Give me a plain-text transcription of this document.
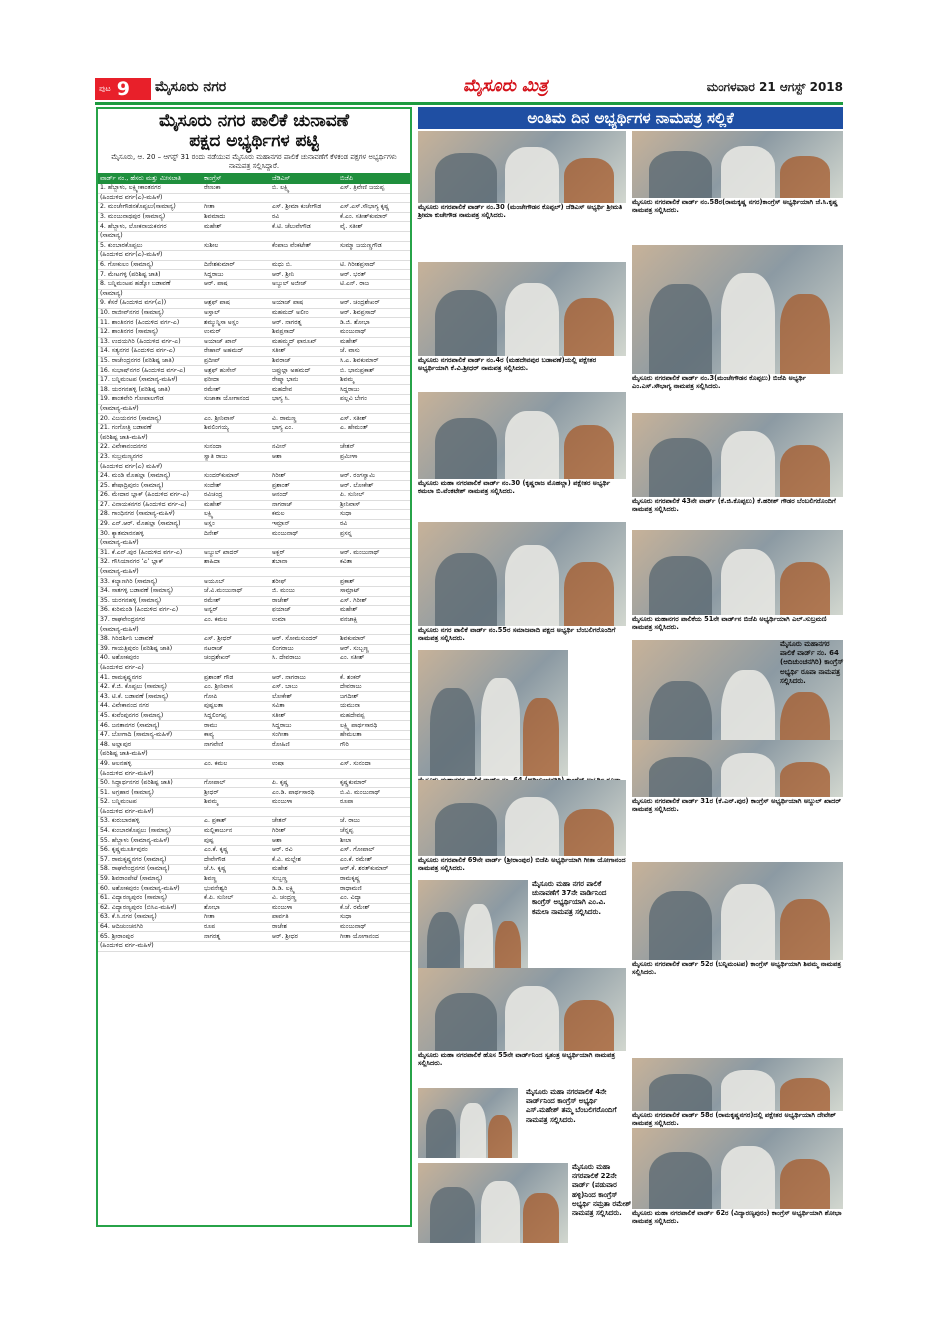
ಪುಟ 9 ಮೈಸೂರು ನಗರ	ಮೈಸೂರು ಮಿತ್ರ	ಮಂಗಳವಾರ 21 ಆಗಸ್ಟ್ 2018
ಮೈಸೂರು ನಗರ ಪಾಲಿಕೆ ಚುನಾವಣೆ
ಪಕ್ಷದ ಅಭ್ಯರ್ಥಿಗಳ ಪಟ್ಟಿ
ಮೈಸೂರು, ಆ. 20 – ಆಗಸ್ಟ್ 31 ರಂದು ನಡೆಯುವ ಮೈಸೂರು ಮಹಾನಗರ ಪಾಲಿಕೆ ಚುನಾವಣೆಗೆ ಕೆಳಕಂಡ ಪಕ್ಷಗಳ ಅಭ್ಯರ್ಥಿಗಳು ನಾಮಪತ್ರ ಸಲ್ಲಿಸಿದ್ದಾರೆ.
ವಾರ್ಡ್ ನಂ., ಹೆಸರು ಮತ್ತು ಮೀಸಲಾತಿ	ಕಾಂಗ್ರೆಸ್	ಜೆಡಿಎಸ್	ಬಿಜೆಪಿ
1. ಹೆಬ್ಬಾಳು, ಲಕ್ಷ್ಮೀಕಾಂತನಗರ	ರೇಣುಕಾ	ಬಿ. ಲಕ್ಷ್ಮಿ	ಎಸ್. ತ್ರಿವೇಣಿ ಜಯಪ್ಪ
(ಹಿಂದುಳಿದ ವರ್ಗ(ಎ)-ಮಹಿಳೆ)			
2. ಮಂಚೇಗೌಡನಕೊಪ್ಪಲು(ಸಾಮಾನ್ಯ)	ಗೀತಾ	ಎಸ್. ಶ್ರೀಮಾ ಕುಚೇಗೌಡ	ಎಸ್.ಎಸ್.ಸೌಭಾಗ್ಯ ಕೃಷ್ಣ
3. ಮಂಜುನಾಥಪುರ (ಸಾಮಾನ್ಯ)	ಶಿವಮಾದು	ರವಿ	ಕೆ.ಎಂ. ಸತೀಶ್‌ಕುಮಾರ್
4. ಹೆಬ್ಬಾಳು, ಲೋಕನಾಯಕನಗರ	ಮಹೇಶ್	ಕೆ.ಟಿ. ಚೆಲುವೇಗೌಡ	ವೈ. ಸತೀಶ್
(ಸಾಮಾನ್ಯ)			
5. ಕುಂಬಾರಕೊಪ್ಪಲು	ಸುಶೀಲ	ಕೆಂಪಾಜ ವೆಂಕಟೇಶ್	ಸುಮ್ಮಾ ಜಯಣ್ಣಗೌಡ
(ಹಿಂದುಳಿದ ವರ್ಗ(ಎ)-ಮಹಿಳೆ)			
6. ಗೋಕುಲಂ (ಸಾಮಾನ್ಯ)	ದಿನೇಶಕುಮಾರ್	ಮಧು ಬಿ.	ಟಿ. ಗಿರೀಶಪ್ರಸಾದ್
7. ಮೇಟಗಳ್ಳಿ (ಪರಿಶಿಷ್ಟ ಜಾತಿ)	ಸಿದ್ದರಾಜು	ಆರ್. ಶ್ರೀನಿ	ಆರ್. ಭರತ್
8. ಬನ್ನಿಮಂಟಪ ಹಡ್ಕೋ ಬಡಾವಣೆ	ಆರ್. ಪಾಷ	ಅಬ್ದುಲ್ ಅಜೀಜ್	ಟಿ.ಎನ್. ರಾಜ
(ಸಾಮಾನ್ಯ)			
9. ಕೆಸರೆ (ಹಿಂದುಳಿದ ವರ್ಗ(ಎ))	ಆಶ್ರಫ್ ಪಾಷ	ಅಯಾಜ್ ಪಾಷ	ಆರ್. ಚಂದ್ರಶೇಖರ್
10. ರಾಜೀವ್‌ನಗರ (ಸಾಮಾನ್ಯ)	ಅಸ್ತಾಲ್	ಮಹಮದ್ ಅಲೀಂ	ಆರ್. ಶಿವಪ್ರಸಾದ್
11. ಶಾಂತಿನಗರ (ಹಿಂದುಳಿದ ವರ್ಗ-ಎ)	ಶಮ್ಮುನ್ನಿಸಾ ಅಸ್ಲಂ	ಆರ್. ನಾಗರತ್ನ	ಡಿ.ಜಿ. ಶೋಭಾ
12. ಶಾಂತಿನಗರ (ಸಾಮಾನ್ಯ)	ಉಮರ್	ಶಿವಪ್ರಸಾದ್	ಮಂಜುನಾಥ್
13. ಉದಯಗಿರಿ (ಹಿಂದುಳಿದ ವರ್ಗ-ಎ)	ಅಯಾಜ್ ಖಾನ್	ಮಹಮ್ಮದ್ ಫಾರೂಖ್	ಮಹೇಶ್
14. ಸತ್ಯನಗರ (ಹಿಂದುಳಿದ ವರ್ಗ-ಎ)	ರೇಹಾನ್ ಅಹಮದ್	ಸತೀಶ್	ಜೆ. ವಾಸು
15. ರಾಜೇಂದ್ರನಗರ (ಪರಿಶಿಷ್ಟ ಜಾತಿ)	ಪ್ರದೀಪ್	ಶಿವರಾಜ್	ಸಿ.ಎ. ಶಿವಕುಮಾರ್
16. ಸುಭಾಷ್‌ನಗರ (ಹಿಂದುಳಿದ ವರ್ಗ-ಎ)	ಅಶ್ರಫ್ ಹುಸೇನ್	ಜಫ್ರುಲ್ಲಾ ಅಹಮದ್	ಬಿ. ಭಾನುಪ್ರಕಾಶ್
17. ಬನ್ನಿಮಂಟಪ (ಸಾಮಾನ್ಯ-ಮಹಿಳೆ)	ಫರೀದಾ	ರೇಷ್ಮಾ ಭಾನು	ಶಿವಮ್ಮ
18. ಯರಗನಹಳ್ಳಿ (ಪರಿಶಿಷ್ಟ ಜಾತಿ)	ರಮೇಶ್	ಮಹದೇವ	ಸಿದ್ದರಾಜು
19. ಶಾಂತವೇರಿ ಗೋಪಾಲಗೌಡ	ಸುಜಾತಾ ಯೋಗಾನಂದ	ಭಾಗ್ಯ ಸಿ.	ಪಲ್ಲವಿ ಬೇಗಂ
(ಸಾಮಾನ್ಯ-ಮಹಿಳೆ)			
20. ವಿಜಯನಗರ (ಸಾಮಾನ್ಯ)	ಎಂ. ಶ್ರೀನಿವಾಸ್	ವಿ. ರಾಮಣ್ಣ	ಎಸ್. ಸತೀಶ್
21. ಗಂಗೋತ್ರಿ ಬಡಾವಣೆ	ಶಿವಲಿಂಗಯ್ಯ	ಭಾಗ್ಯ ಎಂ.	ಎ. ಹೇಮಂತ್
(ಪರಿಶಿಷ್ಟ ಜಾತಿ-ಮಹಿಳೆ)			
22. ವಿವೇಕಾನಂದನಗರ	ಸುನಂದಾ	ನವೀನ್	ಚೇತನ್
23. ಸುಬ್ರಮಣ್ಯನಗರ	ಸ್ವಾತಿ ರಾಜು	ಆಶಾ	ಪ್ರಮೀಳಾ
(ಹಿಂದುಳಿದ ವರ್ಗ(ಎ) ಮಹಿಳೆ)			
24. ಮಂಡಿ ಮೊಹಲ್ಲಾ (ಸಾಮಾನ್ಯ)	ಸುಂದರ್‌ಕುಮಾರ್	ಗಿರೀಶ್	ಆರ್. ರಂಗಸ್ವಾಮಿ
25. ಶೇಷಾದ್ರಿಪುರಂ (ಸಾಮಾನ್ಯ)	ಸಂದೇಶ್	ಪ್ರಶಾಂತ್	ಆರ್. ಲೋಕೇಶ್
26. ಮೇದಾರ ಬ್ಲಾಕ್ (ಹಿಂದುಳಿದ ವರ್ಗ-ಎ)	ರವಿಚಂದ್ರ	ಆನಂದ್	ಪಿ. ಸುನೀಲ್
27. ವಿನಾಯಕನಗರ (ಹಿಂದುಳಿದ ವರ್ಗ-ಎ)	ಮಹೇಶ್	ನಾಗರಾಜ್	ಶ್ರೀನಿವಾಸ್
28. ಗಾಂಧಿನಗರ (ಸಾಮಾನ್ಯ-ಮಹಿಳೆ)	ಲಕ್ಷ್ಮಿ	ಕಮಲ	ಸುಧಾ
29. ಎನ್.ಆರ್. ಮೊಹಲ್ಲಾ (ಸಾಮಾನ್ಯ)	ಅಸ್ಲಂ	ಇಮ್ರಾನ್	ರವಿ
30. ಕ್ಯಾತಮಾರನಹಳ್ಳಿ	ದಿನೇಶ್	ಮಂಜುನಾಥ್	ಪ್ರಸನ್ನ
(ಸಾಮಾನ್ಯ-ಮಹಿಳೆ)			
31. ಕೆ.ಎನ್.ಪುರ (ಹಿಂದುಳಿದ ವರ್ಗ-ಎ)	ಅಬ್ದುಲ್ ಖಾದರ್	ಅಕ್ಬರ್	ಆರ್. ಮಂಜುನಾಥ್
32. ಗೌಸಿಯಾನಗರ ‘ಎ’ ಬ್ಲಾಕ್	ಶಾಹಿದಾ	ಶಬಾನಾ	ಕವಿತಾ
(ಸಾಮಾನ್ಯ-ಮಹಿಳೆ)			
33. ಕಲ್ಯಾಣಗಿರಿ (ಸಾಮಾನ್ಯ)	ಅಯೂಬ್	ಶರೀಫ್	ಪ್ರಕಾಶ್
34. ಸಾತಗಳ್ಳಿ ಬಡಾವಣೆ (ಸಾಮಾನ್ಯ)	ಜೆ.ವಿ.ಮಂಜುನಾಥ್	ಜಿ. ಮಂಜು	ಸಾಮ್ರಾಟ್
35. ಯರಗನಹಳ್ಳಿ (ಸಾಮಾನ್ಯ)	ರಮೇಶ್	ರಾಜೇಶ್	ಎಸ್. ಗಿರೀಶ್
36. ಕುರಿಮಂಡಿ (ಹಿಂದುಳಿದ ವರ್ಗ-ಎ)	ಅನ್ವರ್	ಫಯಾಜ್	ಮಹೇಶ್
37. ರಾಘವೇಂದ್ರನಗರ	ಎಂ. ಕಮಲ	ಉಮಾ	ವನಜಾಕ್ಷಿ
(ಸಾಮಾನ್ಯ-ಮಹಿಳೆ)			
38. ಗಿರಿದರ್ಶಿನಿ ಬಡಾವಣೆ	ಎಸ್. ಶ್ರೀಧರ್	ಆರ್. ಸೋಮಸುಂದರ್	ಶಿವಕುಮಾರ್
39. ಗಾಯತ್ರಿಪುರಂ (ಪರಿಶಿಷ್ಟ ಜಾತಿ)	ನಟರಾಜ್	ಲಿಂಗರಾಜು	ಆರ್. ಸುಬ್ಬಣ್ಣ
40. ಅಶೋಕಪುರಂ	ಚಂದ್ರಶೇಖರ್	ಸಿ. ದೇವರಾಜು	ಎಂ. ಸತೀಶ್
(ಹಿಂದುಳಿದ ವರ್ಗ-ಎ)			
41. ರಾಮಕೃಷ್ಣನಗರ	ಪ್ರಶಾಂತ್ ಗೌಡ	ಆರ್. ನಾಗರಾಜು	ಕೆ. ಶಂಕರ್
42. ಕೆ.ಜಿ. ಕೊಪ್ಪಲು (ಸಾಮಾನ್ಯ)	ಎಂ. ಶ್ರೀನಿವಾಸ	ಎಸ್. ಬಾಬು	ದೇವರಾಜು
43. ಟಿ.ಕೆ. ಬಡಾವಣೆ (ಸಾಮಾನ್ಯ)	ಗೋಪಿ	ಲೋಕೇಶ್	ಜಗದೀಶ್
44. ವಿವೇಕಾನಂದ ನಗರ	ಪುಷ್ಪಲತಾ	ಸವಿತಾ	ಯಮುನಾ
45. ಕುವೆಂಪುನಗರ (ಸಾಮಾನ್ಯ)	ಸಿದ್ದಲಿಂಗಪ್ಪ	ಸತೀಶ್	ಮಹದೇವಪ್ಪ
46. ಜನತಾನಗರ (ಸಾಮಾನ್ಯ)	ರಾಮು	ಸಿದ್ದರಾಜು	ಲಕ್ಷ್ಮಿ ಪಾರ್ಥಸಾರಥಿ
47. ಬೋಗಾದಿ (ಸಾಮಾನ್ಯ-ಮಹಿಳೆ)	ಕಾವ್ಯ	ಸಂಗೀತಾ	ಹೇಮಲತಾ
48. ಅಲ್ಲಾಪುರ	ನಾಗವೇಣಿ	ರೋಹಿಣಿ	ಗೌರಿ
(ಪರಿಶಿಷ್ಟ ಜಾತಿ-ಮಹಿಳೆ)			
49. ಆಲನಹಳ್ಳಿ	ಎಂ. ಕಮಲ	ಉಷಾ	ಎಸ್. ಸುನಂದಾ
(ಹಿಂದುಳಿದ ವರ್ಗ-ಮಹಿಳೆ)			
50. ಸಿದ್ದಾರ್ಥನಗರ (ಪರಿಶಿಷ್ಟ ಜಾತಿ)	ಗೋಪಾಲ್	ಪಿ. ಕೃಷ್ಣ	ಕೃಷ್ಣಕುಮಾರ್
51. ಅಗ್ರಹಾರ (ಸಾಮಾನ್ಯ)	ಶ್ರೀಧರ್	ಎಂ.ಡಿ. ಪಾರ್ಥಸಾರಥಿ	ಬಿ.ವಿ. ಮಂಜುನಾಥ್
52. ಬನ್ನಿಮಂಟಪ	ಶಿವಮ್ಮ	ಮಂಜುಳಾ	ರೂಪಾ
(ಹಿಂದುಳಿದ ವರ್ಗ-ಮಹಿಳೆ)			
53. ಕುರುಬಾರಹಳ್ಳಿ	ಎ. ಪ್ರಕಾಶ್	ಚೇತನ್	ಜೆ. ರಾಜು
54. ಕುಂಬಾರಕೊಪ್ಪಲು (ಸಾಮಾನ್ಯ)	ಮಲ್ಲಿಕಾರ್ಜುನ	ಗಿರೀಶ್	ಚೆನ್ನಪ್ಪ
55. ಹೆಬ್ಬಾಳು (ಸಾಮಾನ್ಯ-ಮಹಿಳೆ)	ಪುಷ್ಪ	ಆಶಾ	ಶೀಲಾ
56. ಕೃಷ್ಣಮೂರ್ತಿಪುರಂ	ಎಂ.ಕೆ. ಕೃಷ್ಣ	ಆರ್. ರವಿ	ಎಸ್. ಗೋಪಾಲ್
57. ರಾಮಕೃಷ್ಣನಗರ (ಸಾಮಾನ್ಯ)	ದೇವೇಗೌಡ	ಕೆ.ವಿ. ಮಲ್ಲೇಶ	ಎಂ.ಕೆ. ರಮೇಶ್
58. ರಾಘವೇಂದ್ರನಗರ (ಸಾಮಾನ್ಯ)	ಜೆ.ಸಿ. ಕೃಷ್ಣ	ಮಹೇಶ	ಆರ್.ಕೆ. ಶರತ್‌ಕುಮಾರ್
59. ಶಿವರಾಂಪೇಟೆ (ಸಾಮಾನ್ಯ)	ಶಿವಣ್ಣ	ಸುಬ್ಬಣ್ಣ	ರಾಮಕೃಷ್ಣ
60. ಅಶೋಕಪುರಂ (ಸಾಮಾನ್ಯ-ಮಹಿಳೆ)	ಭುವನೇಶ್ವರಿ	ಡಿ.ಡಿ. ಲಕ್ಷ್ಮಿ	ರಾಧಾಮಣಿ
61. ವಿದ್ಯಾರಣ್ಯಪುರಂ (ಸಾಮಾನ್ಯ)	ಕೆ.ಪಿ. ಸುನೀಲ್	ವಿ. ಚಂದ್ರಣ್ಣ	ಎಂ. ವಿದ್ಯಾ
62. ವಿದ್ಯಾರಣ್ಯಪುರಂ (ಬಿಸಿಎ-ಮಹಿಳೆ)	ಶೋಭಾ	ಮಂಜುಳಾ	ಕೆ.ಜೆ. ರಮೇಶ್
63. ಕೆ.ಸಿ.ನಗರ (ಸಾಮಾನ್ಯ)	ಗೀತಾ	ಪಾರ್ವತಿ	ಸುಧಾ
64. ಆದಿಚುಂಚನಗಿರಿ	ರೂಪ	ರಾಜೇಶ	ಮಂಜುನಾಥ್
65. ಶ್ರೀರಾಂಪುರ	ನಾಗರತ್ನ	ಆರ್. ಶ್ರೀಧರ	ಗೀತಾ ಯೋಗಾನಂದ
(ಹಿಂದುಳಿದ ವರ್ಗ-ಮಹಿಳೆ)			
ಅಂತಿಮ ದಿನ ಅಭ್ಯರ್ಥಿಗಳ ನಾಮಪತ್ರ ಸಲ್ಲಿಕೆ
ಮೈಸೂರು ನಗರಪಾಲಿಕೆ ವಾರ್ಡ್ ನಂ.30 (ಮಂಚೇಗೌಡನ ಕೊಪ್ಪಲ್) ಜೆಡಿಎಸ್ ಅಭ್ಯರ್ಥಿ ಶ್ರೀಮತಿ ಶ್ರೀಮಾ ಕುಚೇಗೌಡ ನಾಮಪತ್ರ ಸಲ್ಲಿಸಿದರು.
ಮೈಸೂರು ನಗರಪಾಲಿಕೆ ವಾರ್ಡ್ ನಂ.58ರ(ರಾಮಕೃಷ್ಣ ನಗರ)ಕಾಂಗ್ರೆಸ್ ಅಭ್ಯರ್ಥಿಯಾಗಿ ಜೆ.ಸಿ.ಕೃಷ್ಣ ನಾಮಪತ್ರ ಸಲ್ಲಿಸಿದರು.
ಮೈಸೂರು ನಗರಪಾಲಿಕೆ ವಾರ್ಡ್ ನಂ.4ರ (ಮಹದೇವಪುರ ಬಡಾವಣೆ)ಯಲ್ಲಿ ಪಕ್ಷೇತರ ಅಭ್ಯರ್ಥಿಯಾಗಿ ಕೆ.ವಿ.ಶ್ರೀಧರ್ ನಾಮಪತ್ರ ಸಲ್ಲಿಸಿದರು.
ಮೈಸೂರು ನಗರಪಾಲಿಕೆ ವಾರ್ಡ್ ನಂ.3(ಮಂಚೇಗೌಡನ ಕೊಪ್ಪಲು) ಬಿಜೆಪಿ ಅಭ್ಯರ್ಥಿ ಎಂ.ಎಸ್.ಸೌಭಾಗ್ಯ ನಾಮಪತ್ರ ಸಲ್ಲಿಸಿದರು.
ಮೈಸೂರು ಮಹಾ ನಗರಪಾಲಿಕೆ ವಾರ್ಡ್ ನಂ.30 (ಕೃಷ್ಣರಾಜ ಮೊಹಲ್ಲಾ) ಪಕ್ಷೇತರ ಅಭ್ಯರ್ಥಿ ಕಮಲಾ ಬಿ.ವೆಂಕಟೇಶ್ ನಾಮಪತ್ರ ಸಲ್ಲಿಸಿದರು.
ಮೈಸೂರು ನಗರಪಾಲಿಕೆ 43ನೇ ವಾರ್ಡ್ (ಕೆ.ಜಿ.ಕೊಪ್ಪಲು) ಕೆ.ಹರೀಶ್ ಗೌಡರ ಬೆಂಬಲಿಗರೊಂದಿಗೆ ನಾಮಪತ್ರ ಸಲ್ಲಿಸಿದರು.
ಮೈಸೂರು ನಗರ ಪಾಲಿಕೆ ವಾರ್ಡ್ ನಂ.55ರ ಸಮಾಜವಾದಿ ಪಕ್ಷದ ಅಭ್ಯರ್ಥಿ ಬೆಂಬಲಿಗರೊಂದಿಗೆ ನಾಮಪತ್ರ ಸಲ್ಲಿಸಿದರು.
ಮೈಸೂರು ಮಹಾನಗರ ಪಾಲಿಕೆಯ 51ನೇ ವಾರ್ಡ್‌ನ ಬಿಜೆಪಿ ಅಭ್ಯರ್ಥಿಯಾಗಿ ಎಲ್.ಸುಬ್ರಮಣಿ ನಾಮಪತ್ರ ಸಲ್ಲಿಸಿದರು.
ಮೈಸೂರು ನಗರಪಾಲಿಕೆ 69ನೇ ವಾರ್ಡ್ (ಶ್ರೀರಾಂಪುರ) ಬಿಜೆಪಿ ಅಭ್ಯರ್ಥಿಯಾಗಿ ಗೀತಾ ಯೋಗಾನಂದ ನಾಮಪತ್ರ ಸಲ್ಲಿಸಿದರು.
ಮೈಸೂರು ನಗರಪಾಲಿಕೆ ವಾರ್ಡ್ 31ರ (ಕೆ.ಎನ್.ಪುರ) ಕಾಂಗ್ರೆಸ್ ಅಭ್ಯರ್ಥಿಯಾಗಿ ಅಬ್ದುಲ್ ಖಾದರ್ ನಾಮಪತ್ರ ಸಲ್ಲಿಸಿದರು.
ಮೈಸೂರು ನಗರಪಾಲಿಕೆ ವಾರ್ಡ್ 52ರ (ಬನ್ನಿಮಂಟಪ) ಕಾಂಗ್ರೆಸ್ ಅಭ್ಯರ್ಥಿಯಾಗಿ ಶಿವಮ್ಮ ನಾಮಪತ್ರ ಸಲ್ಲಿಸಿದರು.
ಮೈಸೂರು ಮಹಾ ನಗರಪಾಲಿಕೆ ಹೊಸ 55ನೇ ವಾರ್ಡ್‌ನಿಂದ ಸ್ವತಂತ್ರ ಅಭ್ಯರ್ಥಿಯಾಗಿ ನಾಮಪತ್ರ ಸಲ್ಲಿಸಿದರು.
ಮೈಸೂರು ನಗರಪಾಲಿಕೆ ವಾರ್ಡ್ 58ರ (ರಾಮಕೃಷ್ಣನಗರ)ದಲ್ಲಿ ಪಕ್ಷೇತರ ಅಭ್ಯರ್ಥಿಯಾಗಿ ದೇವೇಶ್ ನಾಮಪತ್ರ ಸಲ್ಲಿಸಿದರು.
ಮೈಸೂರು ಮಹಾ ನಗರಪಾಲಿಕೆ ವಾರ್ಡ್ 62ರ (ವಿದ್ಯಾರಣ್ಯಪುರಂ) ಕಾಂಗ್ರೆಸ್ ಅಭ್ಯರ್ಥಿಯಾಗಿ ಶೋಭಾ ನಾಮಪತ್ರ ಸಲ್ಲಿಸಿದರು.
ಮೈಸೂರು ಮಹಾ ನಗರಪಾಲಿಕೆ 4ನೇ ವಾರ್ಡ್‌ನಿಂದ ಕಾಂಗ್ರೆಸ್ ಅಭ್ಯರ್ಥಿ ಎಸ್.ಮಹೇಶ್ ತಮ್ಮ ಬೆಂಬಲಿಗರೊಂದಿಗೆ ನಾಮಪತ್ರ ಸಲ್ಲಿಸಿದರು.
ಮೈಸೂರು ಮಹಾ ನಗರಪಾಲಿಕೆ 22ನೇ ವಾರ್ಡ್ (ಪಡುವಾರ ಹಳ್ಳಿ)ನಿಂದ ಕಾಂಗ್ರೆಸ್ ಅಭ್ಯರ್ಥಿ ನಮ್ರತಾ ರಮೇಶ್ ನಾಮಪತ್ರ ಸಲ್ಲಿಸಿದರು.
ಮೈಸೂರು ಮಹಾ ನಗರ ಪಾಲಿಕೆ ಚುನಾವಣೆಗೆ 37ನೇ ವಾರ್ಡಿನಿಂದ ಕಾಂಗ್ರೆಸ್ ಅಭ್ಯರ್ಥಿಯಾಗಿ ಎಂ.ವಿ. ಕಮಲಾ ನಾಮಪತ್ರ ಸಲ್ಲಿಸಿದರು.
ಮೈಸೂರು ಮಹಾನಗರ ಪಾಲಿಕೆ ವಾರ್ಡ್ ನಂ. 64 (ಆದಿಚುಂಚನಗಿರಿ) ಕಾಂಗ್ರೆಸ್ ಅಭ್ಯರ್ಥಿ ರೂಪಾ ನಾಮಪತ್ರ ಸಲ್ಲಿಸಿದರು.
